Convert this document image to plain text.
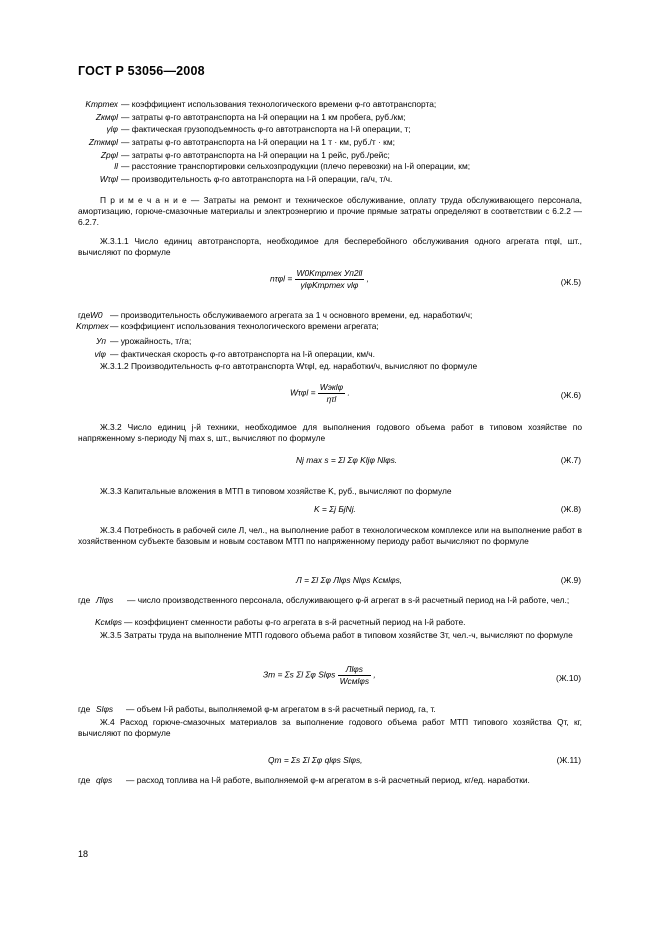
ГОСТ Р 53056—2008
Kтртех — коэффициент использования технологического времени φ-го автотранспорта;
Zкмφl — затраты φ-го автотранспорта на l-й операции на 1 км пробега, руб./км;
γlφ — фактическая грузоподъемность φ-го автотранспорта на l-й операции, т;
Zткмφl — затраты φ-го автотранспорта на l-й операции на 1 т · км, руб./т · км;
Zрφl — затраты φ-го автотранспорта на l-й операции на 1 рейс, руб./рейс;
ll — расстояние транспортировки сельхозпродукции (плечо перевозки) на l-й операции, км;
Wτφl — производительность φ-го автотранспорта на l-й операции, га/ч, т/ч.
П р и м е ч а н и е — Затраты на ремонт и техническое обслуживание, оплату труда обслуживающего персонала, амортизацию, горюче-смазочные материалы и электроэнергию и прочие прямые затраты определяют в соответствии с 6.2.2 — 6.2.7.
Ж.3.1.1 Число единиц автотранспорта, необходимое для бесперебойного обслуживания одного агрегата nτφl, шт., вычисляют по формуле
$n\tau\varphi l = \frac{\text{W0Kтртех Уп2ll}}{\text{γlφKтртех vlφ}}$ ,	(Ж.5)
где W0 — производительность обслуживаемого агрегата за 1 ч основного времени, ед. наработки/ч;
Kтртех — коэффициент использования технологического времени агрегата;
Уп — урожайность, т/га;
vlφ — фактическая скорость φ-го автотранспорта на l-й операции, км/ч.
Ж.3.1.2 Производительность φ-го автотранспорта Wτφl, ед. наработки/ч, вычисляют по формуле
$W\tau\varphi l = \frac{\text{Wэкlφ}}{\text{ητl}}$ .	(Ж.6)
Ж.3.2 Число единиц j-й техники, необходимое для выполнения годового объема работ в типовом хозяйстве по напряженному s-периоду Nj max s, шт., вычисляют по формуле
Nj max s = Σl Σφ Kljφ Nlφs.	(Ж.7)
Ж.3.3 Капитальные вложения в МТП в типовом хозяйстве K, руб., вычисляют по формуле
K = Σj БjNj.	(Ж.8)
Ж.3.4 Потребность в рабочей силе Л, чел., на выполнение работ в технологическом комплексе или на выполнение работ в хозяйственном субъекте базовым и новым составом МТП по напряженному периоду работ вычисляют по формуле
Л = Σl Σφ Лlφs Nlφs Kсмlφs,	(Ж.9)
где Лlφs	— число производственного персонала, обслуживающего φ-й агрегат в s-й расчетный период на l-й работе, чел.;
Kсмlφs — коэффициент сменности работы φ-го агрегата в s-й расчетный период на l-й работе.
Ж.3.5 Затраты труда на выполнение МТП годового объема работ в типовом хозяйстве Зт, чел.-ч, вычисляют по формуле
Зт = Σs Σl Σφ Slφs $\frac{\text{Лlφs}}{\text{Wсмlφs}}$ ,	(Ж.10)
где Slφs	— объем l-й работы, выполняемой φ-м агрегатом в s-й расчетный период, га, т.
Ж.4 Расход горюче-смазочных материалов за выполнение годового объема работ МТП типового хозяйства Qт, кг, вычисляют по формуле
Qт = Σs Σl Σφ qlφs Slφs,	(Ж.11)
где qlφs	— расход топлива на l-й работе, выполняемой φ-м агрегатом в s-й расчетный период, кг/ед. наработки.
18
